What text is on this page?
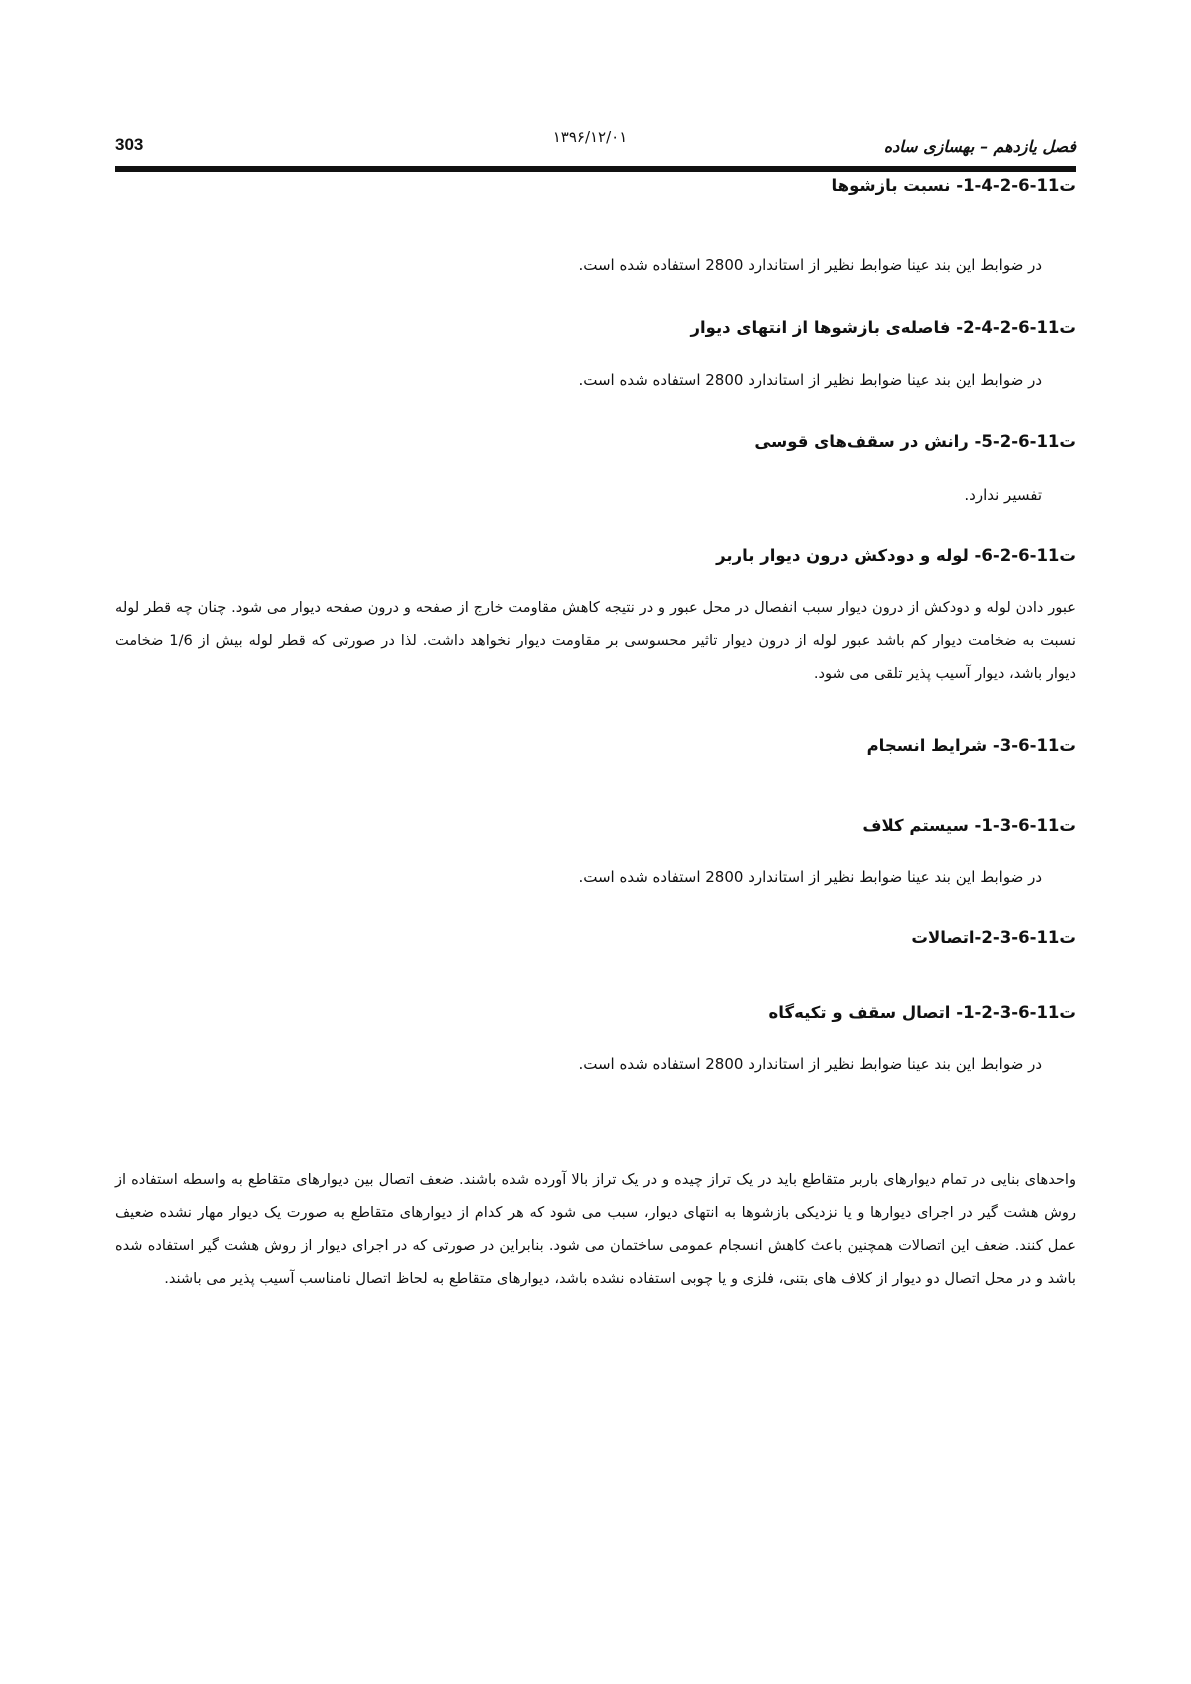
303	۱۳۹۶/۱۲/۰۱	فصل یازدهم – بهسازی ساده
ت11-6-2-4-1- نسبت بازشوها
در ضوابط این بند عینا ضوابط نظیر از استاندارد 2800 استفاده شده است.
ت11-6-2-4-2- فاصله‌ی بازشوها از انتهای دیوار
در ضوابط این بند عینا ضوابط نظیر از استاندارد 2800 استفاده شده است.
ت11-6-2-5- رانش در سقف‌های قوسی
تفسیر ندارد.
ت11-6-2-6- لوله و دودکش درون دیوار باربر
عبور دادن لوله و دودکش از درون دیوار سبب انفصال در محل عبور و در نتیجه کاهش مقاومت خارج از صفحه و درون صفحه دیوار می شود. چنان چه قطر لوله نسبت به ضخامت دیوار کم باشد عبور لوله از درون دیوار تاثیر محسوسی بر مقاومت دیوار نخواهد داشت. لذا در صورتی که قطر لوله بیش از 1/6 ضخامت دیوار باشد، دیوار آسیب پذیر تلقی می شود.
ت11-6-3- شرایط انسجام
ت11-6-3-1- سیستم کلاف
در ضوابط این بند عینا ضوابط نظیر از استاندارد 2800 استفاده شده است.
ت11-6-3-2-اتصالات
ت11-6-3-2-1- اتصال سقف و تکیه‌گاه
در ضوابط این بند عینا ضوابط نظیر از استاندارد 2800 استفاده شده است.
واحدهای بنایی در تمام دیوارهای باربر متقاطع باید در یک تراز چیده و در یک تراز بالا آورده شده باشند. ضعف اتصال بین دیوارهای متقاطع به واسطه استفاده از روش هشت گیر در اجرای دیوارها و یا نزدیکی بازشوها به انتهای دیوار، سبب می شود که هر کدام از دیوارهای متقاطع به صورت یک دیوار مهار نشده ضعیف عمل کنند. ضعف این اتصالات همچنین باعث کاهش انسجام عمومی ساختمان می شود. بنابراین در صورتی که در اجرای دیوار از روش هشت گیر استفاده شده باشد و در محل اتصال دو دیوار از کلاف های بتنی، فلزی و یا چوبی استفاده نشده باشد، دیوارهای متقاطع به لحاظ اتصال نامناسب آسیب پذیر می باشند.
